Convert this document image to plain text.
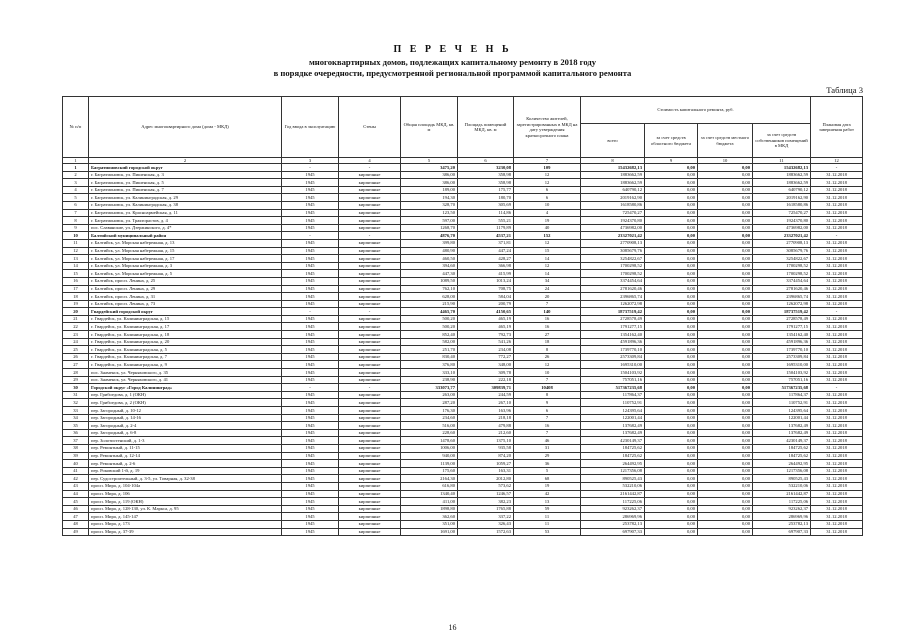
П Е Р Е Ч Е Н Ь
многоквартирных домов, подлежащих капитальному ремонту в 2018 году
в порядке очередности, предусмотренной региональной программой капитального ремонта
Таблица 3
№ п/п	Адрес многоквартирного дома (дома - МКД)	Год ввода в эксплуатацию	Стены	Общая площадь МКД, кв. м	Площадь помещений МКД, кв. м	Количество жителей, зарегистрированных в МКД на дату утверждения краткосрочного плана	Стоимость капитального ремонта, руб.				Плановая дата завершения работ
							всего	за счет средств областного бюджета	за счет средств местного бюджета	за счет средств собственников помещений в МКД	
1	2	3	4	5	6	7	8	9	10	11	12
1	Багратионовский городской округ	-	-	3475,20	3230,08	109	15432682,13	0,00	0,00	15432682,13	-
2	г. Багратионовск, ул. Пишенская, д. 3	1945	кирпичные	386,00	358,98	12	1883662,59	0,00	0,00	1883662,59	31.12.2018
3	г. Багратионовск, ул. Пишенская, д. 5	1945	кирпичные	386,00	358,98	12	1883662,59	0,00	0,00	1883662,59	31.12.2018
4	г. Багратионовск, ул. Пишенская, д. 7	1945	кирпичные	189,00	175,77	6	640790,12	0,00	0,00	640790,12	31.12.2018
5	г. Багратионовск, ул. Калининградская, д. 29	1945	кирпичные	194,30	180,70	6	2019162,90	0,00	0,00	2019162,90	31.12.2018
6	г. Багратионовск, ул. Калининградская, д. 38	1945	кирпичные	328,70	305,69	10	1618580,86	0,00	0,00	1618580,86	31.12.2018
7	г. Багратионовск, ул. Красноармейская, д. 11	1945	кирпичные	123,50	114,86	4	725470,27	0,00	0,00	725470,27	31.12.2018
8	г. Багратионовск, ул. Тракторастов, д. 4	1945	кирпичные	597,00	555,21	19	1924370,80	0,00	0,00	1924370,80	31.12.2018
9	пос. Славянские, ул. Дзержинского, д. 4*	1945	кирпичные	1268,70	1179,89	40	4736982,00	0,00	0,00	4736982,00	31.12.2018
10	Балтийский муниципальный район	-	-	4876,70	4537,21	152	23327021,42	0,00	0,00	23327021,42	-
11	г. Балтийск, ул. Морская набережная, д. 13	1945	кирпичные	399,80	371,81	12	2770908,13	0,00	0,00	2770908,13	31.12.2018
12	г. Балтийск, ул. Морская набережная, д. 15	1945	кирпичные	480,90	447,24	15	3085679,76	0,00	0,00	3085679,76	31.12.2018
13	г. Балтийск, ул. Морская набережная, д. 17	1945	кирпичные	460,50	428,27	14	3254822,67	0,00	0,00	3254822,67	31.12.2018
14	г. Балтийск, ул. Морская набережная, д. 3	1945	кирпичные	394,60	366,98	12	1700298,52	0,00	0,00	1700298,52	31.12.2018
15	г. Балтийск, ул. Морская набережная, д. 5	1945	кирпичные	447,30	415,99	14	1700298,52	0,00	0,00	1700298,52	31.12.2018
16	г. Балтийск, просп. Ленина, д. 25	1945	кирпичные	1089,50	1013,24	34	3374454,64	0,00	0,00	3374454,64	31.12.2018
17	г. Балтийск, просп. Ленина, д. 29	1945	кирпичные	762,10	708,75	24	2781620,46	0,00	0,00	2781620,46	31.12.2018
18	г. Балтийск, просп. Ленина, д. 31	1945	кирпичные	628,00	584,04	20	2396865,74	0,00	0,00	2396865,74	31.12.2018
19	г. Балтийск, просп. Ленина, д. 73	1945	кирпичные	215,90	200,79	7	1262072,98	0,00	0,00	1262072,98	31.12.2018
20	Гвардейский городской округ	-	-	4465,70	4150,65	140	18737519,42	0,00	0,00	18737519,42	-
21	г. Гвардейск, ул. Калининградская, д. 15	1945	кирпичные	500,20	465,19	16	2728578,49	0,00	0,00	2728578,49	31.12.2018
22	г. Гвардейск, ул. Калининградская, д. 17	1945	кирпичные	500,20	465,19	16	1791277,15	0,00	0,00	1791277,15	31.12.2018
23	г. Гвардейск, ул. Калининградская, д. 18	1945	кирпичные	852,40	792,73	27	1354162,40	0,00	0,00	1354162,40	31.12.2018
24	г. Гвардейск, ул. Калининградская, д. 20	1945	кирпичные	582,00	541,26	18	4591896,36	0,00	0,00	4591896,36	31.12.2018
25	г. Гвардейск, ул. Калининградская, д. 5	1945	кирпичные	251,70	234,08	8	1739770,10	0,00	0,00	1739770,10	31.12.2018
26	г. Гвардейск, ул. Калининградская, д. 7	1945	кирпичные	830,40	772,27	26	2573309,84	0,00	0,00	2573309,84	31.12.2018
27	г. Гвардейск, ул. Калининградская, д. 9	1945	кирпичные	376,80	348,00	12	1695310,00	0,00	0,00	1695310,00	31.12.2018
28	пос. Знаменск, ул. Черняховского, д. 35	1945	кирпичные	333,10	309,78	10	1504103,92	0,00	0,00	1504103,92	31.12.2018
29	пос. Знаменск, ул. Черняховского, д. 41	1945	кирпичные	238,90	222,18	7	757051,16	0,00	0,00	757051,16	31.12.2018
30	Городской округ «Город Калининград»	-	-	333073,77	309839,71	10408	517367235,68	0,00	0,00	517367235,68	-
31	пер. Грибоедова, д. 1 (ОКН)	1945	кирпичные	263,00	244,59	8	117864,37	0,00	0,00	117864,37	31.12.2018
32	пер. Грибоедова, д. 2 (ОКН)	1945	кирпичные	287,20	267,10	9	110752,91	0,00	0,00	110752,91	31.12.2018
33	пер. Загородный, д. 10-12	1945	кирпичные	176,30	163,96	6	124395,64	0,00	0,00	124395,64	31.12.2018
34	пер. Загородный, д. 14-16	1945	кирпичные	234,60	218,18	7	122001,44	0,00	0,00	122001,44	31.12.2018
35	пер. Загородный, д. 2-4	1945	кирпичные	516,00	479,88	16	137682,49	0,00	0,00	137682,49	31.12.2018
36	пер. Загородный, д. 6-8	1945	кирпичные	228,60	212,60	7	137682,49	0,00	0,00	137682,49	31.12.2018
37	пер. Золотистенский, д. 1-3	1945	кирпичные	1478,60	1375,10	46	4230149,37	0,00	0,00	4230149,37	31.12.2018
38	пер. Ремонтный, д. 11-15	1945	кирпичные	1006,00	935,58	31	184725,62	0,00	0,00	184725,62	31.12.2018
39	пер. Ремонтный, д. 12-14	1945	кирпичные	940,00	874,20	29	184725,62	0,00	0,00	184725,62	31.12.2018
40	пер. Ремонтный, д. 2-6	1945	кирпичные	1139,00	1059,27	36	264492,95	0,00	0,00	264492,95	31.12.2018
41	пер. Роковский 1-й, д. 19	1945	кирпичные	175,60	163,31	5	1217356,08	0,00	0,00	1217356,08	31.12.2018
42	пер. Судостроительный, д. 3-5, ул. Товарная, д. 32-38	1945	кирпичные	2164,30	2012,80	68	890525,43	0,00	0,00	890525,43	31.12.2018
43	просп. Мира, д. 104-104а	1945	кирпичные	616,80	573,62	19	532210,06	0,00	0,00	532210,06	31.12.2018
44	просп. Мира, д. 106	1945	кирпичные	1340,40	1246,57	42	2161442,87	0,00	0,00	2161442,87	31.12.2018
45	просп. Мира, д. 119 (ОКН)	1945	кирпичные	411,00	382,23	13	117225,06	0,00	0,00	117225,06	31.12.2018
46	просп. Мира, д. 128-130, ул. К. Маркса, д. 95	1945	кирпичные	1898,80	1765,88	59	923262,37	0,00	0,00	923262,37	31.12.2018
47	просп. Мира, д. 145-147	1945	кирпичные	362,60	337,22	11	286969,96	0,00	0,00	286969,96	31.12.2018
48	просп. Мира, д. 173	1945	кирпичные	351,00	326,43	11	253782,13	0,00	0,00	253782,13	31.12.2018
49	просп. Мира, д. 37-39	1945	кирпичные	1691,00	1572,63	53	697907,33	0,00	0,00	697907,33	31.12.2018
16
